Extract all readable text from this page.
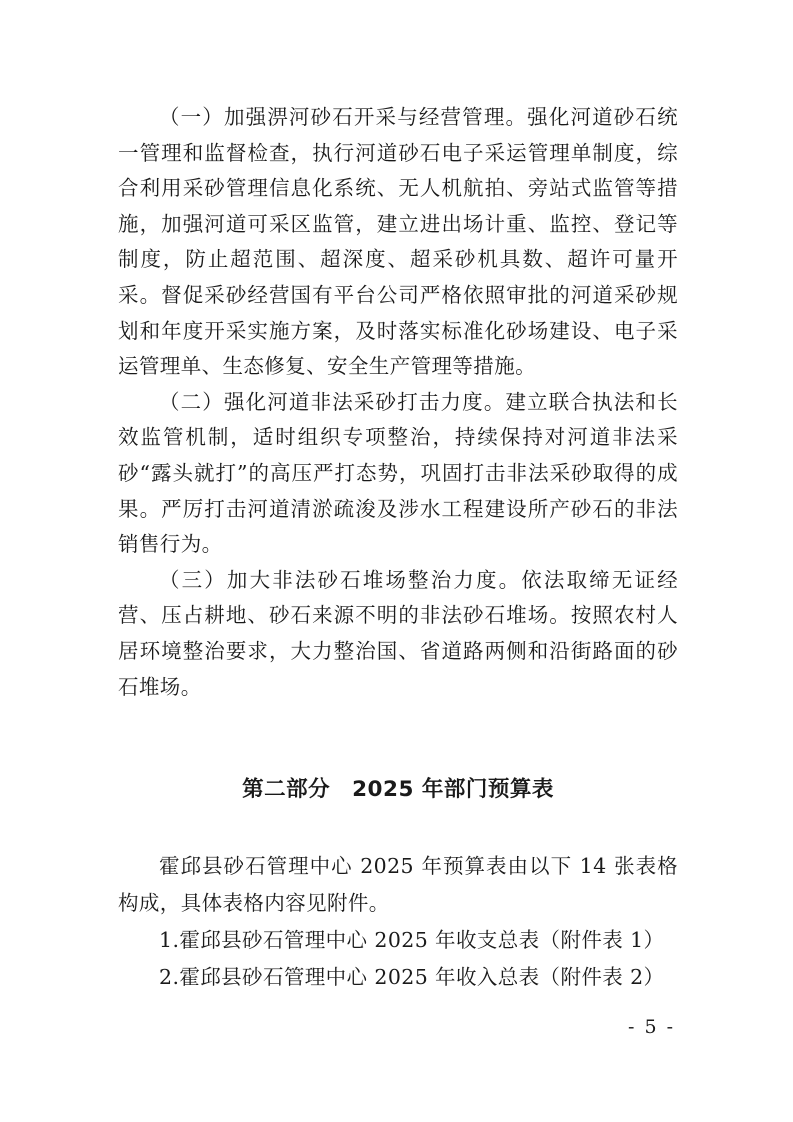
（一）加强淠河砂石开采与经营管理。强化河道砂石统一管理和监督检查，执行河道砂石电子采运管理单制度，综合利用采砂管理信息化系统、无人机航拍、旁站式监管等措施，加强河道可采区监管，建立进出场计重、监控、登记等制度，防止超范围、超深度、超采砂机具数、超许可量开采。督促采砂经营国有平台公司严格依照审批的河道采砂规划和年度开采实施方案，及时落实标准化砂场建设、电子采运管理单、生态修复、安全生产管理等措施。

（二）强化河道非法采砂打击力度。建立联合执法和长效监管机制，适时组织专项整治，持续保持对河道非法采砂“露头就打”的高压严打态势，巩固打击非法采砂取得的成果。严厉打击河道清淤疏浚及涉水工程建设所产砂石的非法销售行为。

（三）加大非法砂石堆场整治力度。依法取缔无证经营、压占耕地、砂石来源不明的非法砂石堆场。按照农村人居环境整治要求，大力整治国、省道路两侧和沿街路面的砂石堆场。

第二部分　2025 年部门预算表

霍邱县砂石管理中心 2025 年预算表由以下 14 张表格构成，具体表格内容见附件。

1.霍邱县砂石管理中心 2025 年收支总表（附件表 1）

2.霍邱县砂石管理中心 2025 年收入总表（附件表 2）

- 5 -
